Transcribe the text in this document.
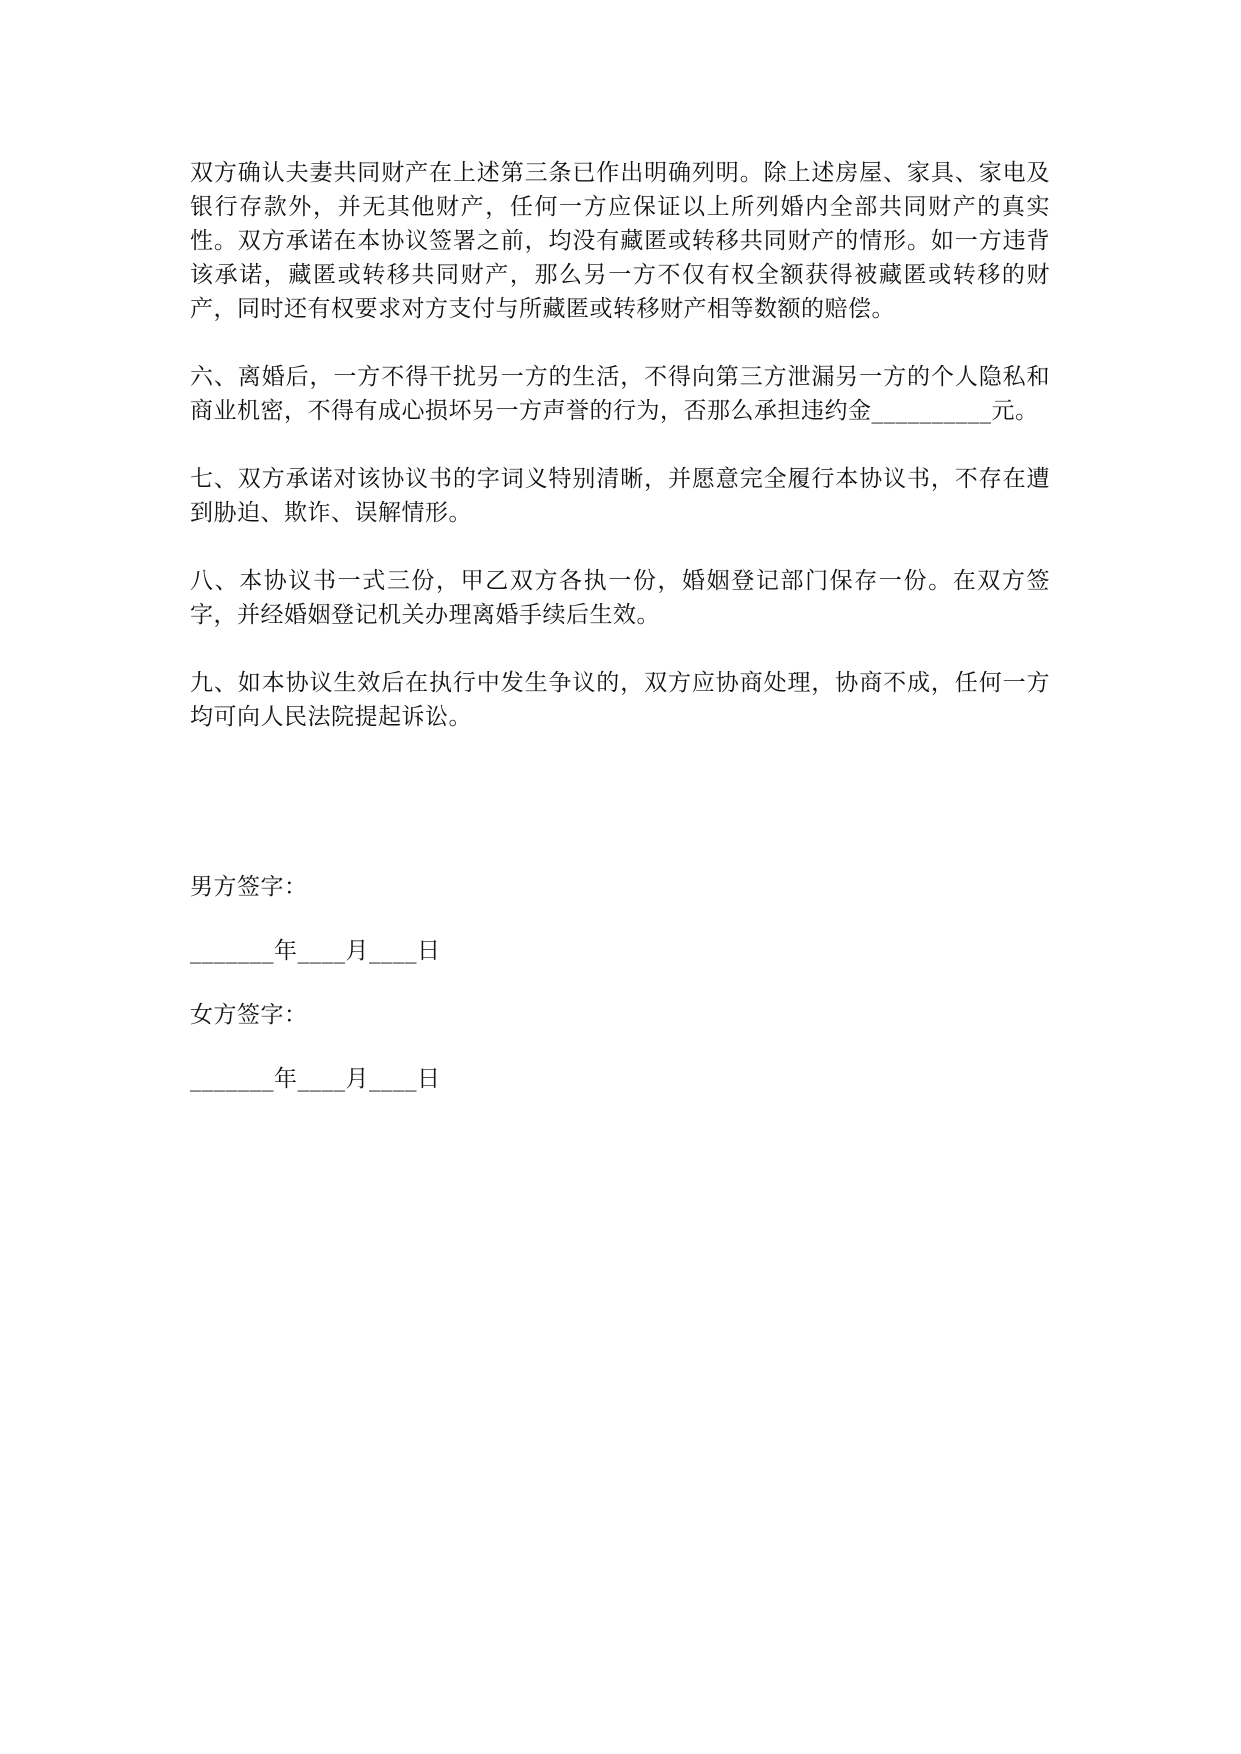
双方确认夫妻共同财产在上述第三条已作出明确列明。除上述房屋、家具、家电及银行存款外，并无其他财产，任何一方应保证以上所列婚内全部共同财产的真实性。双方承诺在本协议签署之前，均没有藏匿或转移共同财产的情形。如一方违背该承诺，藏匿或转移共同财产，那么另一方不仅有权全额获得被藏匿或转移的财产，同时还有权要求对方支付与所藏匿或转移财产相等数额的赔偿。

六、离婚后，一方不得干扰另一方的生活，不得向第三方泄漏另一方的个人隐私和商业机密，不得有成心损坏另一方声誉的行为，否那么承担违约金__________元。

七、双方承诺对该协议书的字词义特别清晰，并愿意完全履行本协议书，不存在遭到胁迫、欺诈、误解情形。

八、本协议书一式三份，甲乙双方各执一份，婚姻登记部门保存一份。在双方签字，并经婚姻登记机关办理离婚手续后生效。

九、如本协议生效后在执行中发生争议的，双方应协商处理，协商不成，任何一方均可向人民法院提起诉讼。

男方签字：

_______年____月____日

女方签字：

_______年____月____日
